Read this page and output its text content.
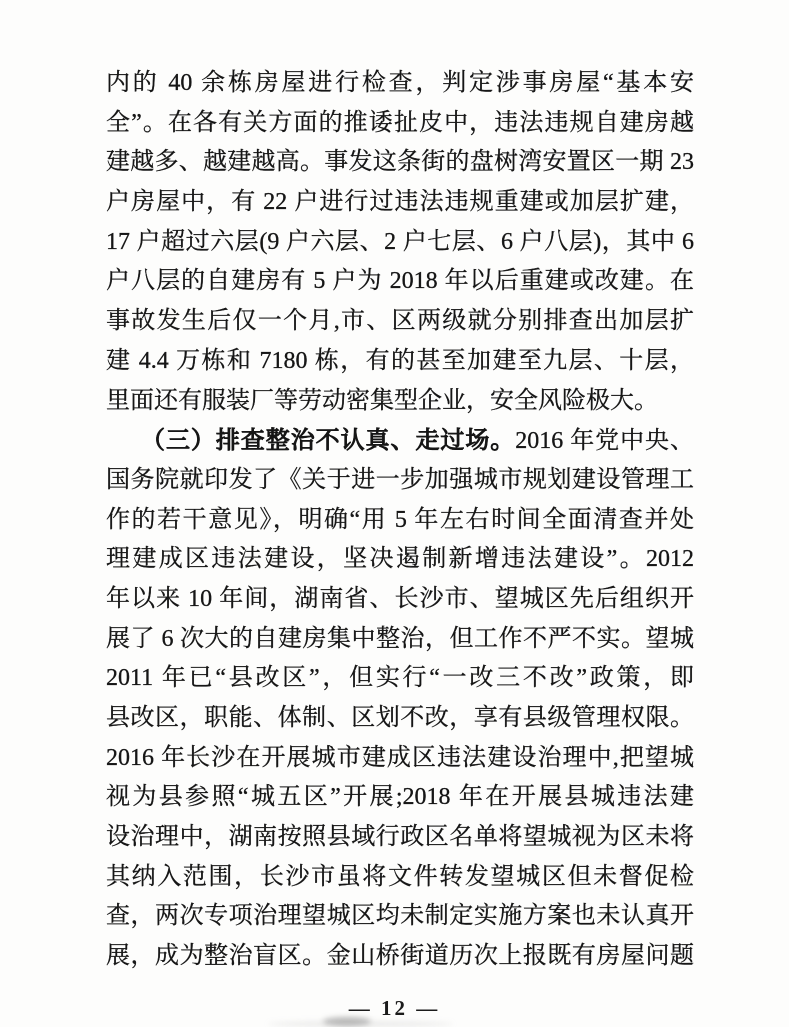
内的 40 余栋房屋进行检查，判定涉事房屋“基本安
全”。在各有关方面的推诿扯皮中，违法违规自建房越
建越多、越建越高。事发这条街的盘树湾安置区一期 23
户房屋中，有 22 户进行过违法违规重建或加层扩建，
17 户超过六层(9 户六层、2 户七层、6 户八层)，其中 6
户八层的自建房有 5 户为 2018 年以后重建或改建。在
事故发生后仅一个月,市、区两级就分别排查出加层扩
建 4.4 万栋和 7180 栋，有的甚至加建至九层、十层，
里面还有服装厂等劳动密集型企业，安全风险极大。
（三）排查整治不认真、走过场。2016 年党中央、
国务院就印发了《关于进一步加强城市规划建设管理工
作的若干意见》，明确“用 5 年左右时间全面清查并处
理建成区违法建设，坚决遏制新增违法建设”。2012
年以来 10 年间，湖南省、长沙市、望城区先后组织开
展了 6 次大的自建房集中整治，但工作不严不实。望城
2011 年已“县改区”，但实行“一改三不改”政策，即
县改区，职能、体制、区划不改，享有县级管理权限。
2016 年长沙在开展城市建成区违法建设治理中,把望城
视为县参照“城五区”开展;2018 年在开展县城违法建
设治理中，湖南按照县域行政区名单将望城视为区未将
其纳入范围，长沙市虽将文件转发望城区但未督促检
查，两次专项治理望城区均未制定实施方案也未认真开
展，成为整治盲区。金山桥街道历次上报既有房屋问题
— 12 —
